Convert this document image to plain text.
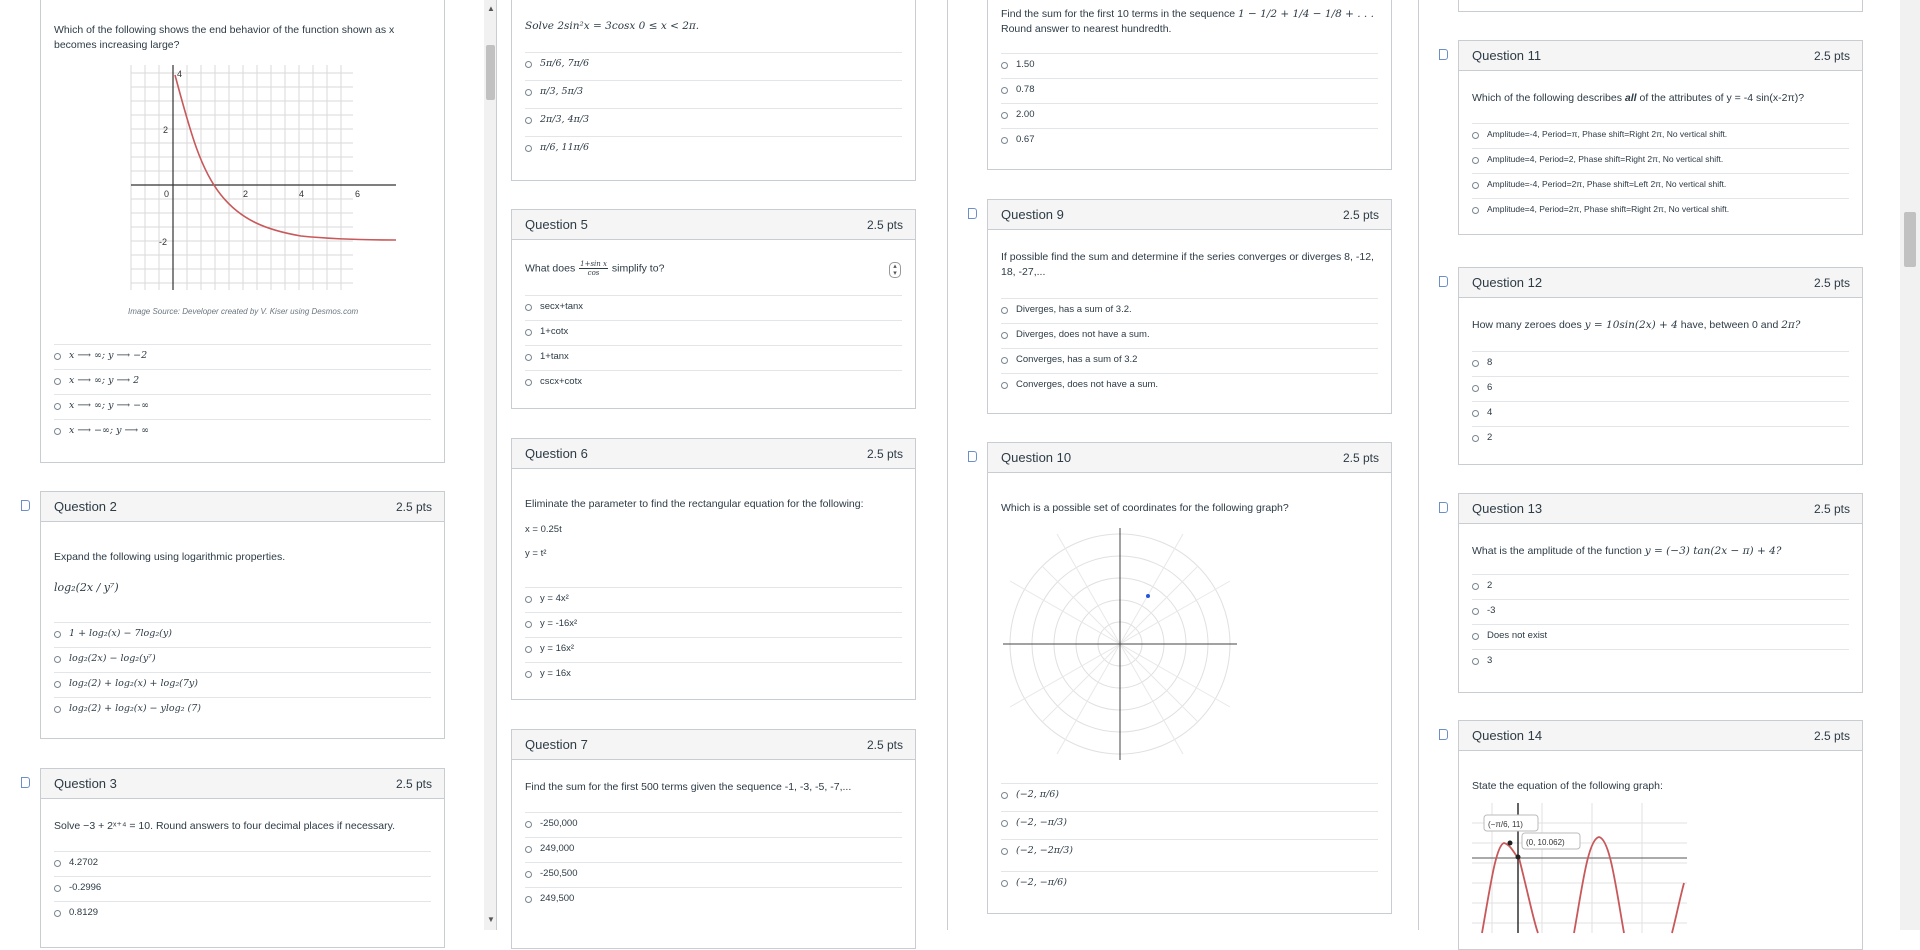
Which of the following shows the end behavior of the function shown as x becomes increasing large?
4
2
0	2	4	6
-2
Image Source: Developer created by V. Kiser using Desmos.com
x ⟶ ∞; y ⟶ −2
x ⟶ ∞; y ⟶ 2
x ⟶ ∞; y ⟶ −∞
x ⟶ −∞; y ⟶ ∞
Question 2	2.5 pts
Expand the following using logarithmic properties.
log₂(2x / y⁷)
1 + log₂(x) − 7log₂(y)
log₂(2x) − log₂(y⁷)
log₂(2) + log₂(x) + log₂(7y)
log₂(2) + log₂(x) − ylog₂ (7)
Question 3	2.5 pts
Solve −3 + 2ˣ⁺⁴ = 10. Round answers to four decimal places if necessary.
4.2702
-0.2996
0.8129
▲
▼
Solve 2sin²x = 3cosx 0 ≤ x < 2π.
5π/6, 7π/6
π/3, 5π/3
2π/3, 4π/3
π/6, 11π/6
Question 5	2.5 pts
What does $\frac{\text{1+sin x}}{\cos}$ simplify to?	▴
▾
secx+tanx
1+cotx
1+tanx
cscx+cotx
Question 6	2.5 pts
Eliminate the parameter to find the rectangular equation for the following:
x = 0.25t
y = t²
y = 4x²
y = -16x²
y = 16x²
y = 16x
Question 7	2.5 pts
Find the sum for the first 500 terms given the sequence -1, -3, -5, -7,...
-250,000
249,000
-250,500
249,500
Find the sum for the first 10 terms in the sequence 1 − 1/2 + 1/4 − 1/8 + . . . Round answer to nearest hundredth.
1.50
0.78
2.00
0.67
Question 9	2.5 pts
If possible find the sum and determine if the series converges or diverges 8, -12, 18, -27,...
Diverges, has a sum of 3.2.
Diverges, does not have a sum.
Converges, has a sum of 3.2
Converges, does not have a sum.
Question 10	2.5 pts
Which is a possible set of coordinates for the following graph?
(−2, π/6)
(−2, −π/3)
(−2, −2π/3)
(−2, −π/6)
Question 11	2.5 pts
Which of the following describes all of the attributes of y = -4 sin(x-2π)?
Amplitude=-4, Period=π, Phase shift=Right 2π, No vertical shift.
Amplitude=4, Period=2, Phase shift=Right 2π, No vertical shift.
Amplitude=-4, Period=2π, Phase shift=Left 2π, No vertical shift.
Amplitude=4, Period=2π, Phase shift=Right 2π, No vertical shift.
Question 12	2.5 pts
How many zeroes does y = 10sin(2x) + 4 have, between 0 and 2π?
8
6
4
2
Question 13	2.5 pts
What is the amplitude of the function y = (−3) tan(2x − π) + 4?
2
-3
Does not exist
3
Question 14	2.5 pts
State the equation of the following graph:
(−π/6, 11)
(0, 10.062)
